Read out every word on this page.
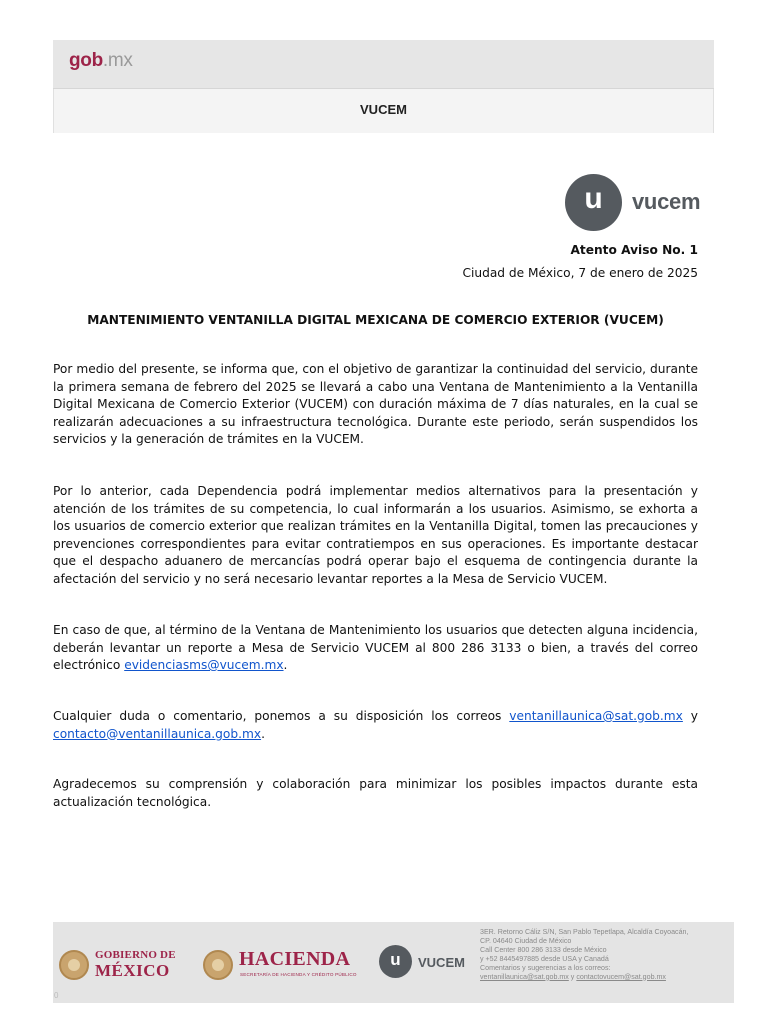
gob.mx
VUCEM
u	vucem
Atento Aviso No. 1
Ciudad de México, 7 de enero de 2025
MANTENIMIENTO VENTANILLA DIGITAL MEXICANA DE COMERCIO EXTERIOR (VUCEM)

Por medio del presente, se informa que, con el objetivo de garantizar la continuidad del servicio, durante la primera semana de febrero del 2025 se llevará a cabo una Ventana de Mantenimiento a la Ventanilla Digital Mexicana de Comercio Exterior (VUCEM) con duración máxima de 7 días naturales, en la cual se realizarán adecuaciones a su infraestructura tecnológica. Durante este periodo, serán suspendidos los servicios y la generación de trámites en la VUCEM.

Por lo anterior, cada Dependencia podrá implementar medios alternativos para la presentación y atención de los trámites de su competencia, lo cual informarán a los usuarios. Asimismo, se exhorta a los usuarios de comercio exterior que realizan trámites en la Ventanilla Digital, tomen las precauciones y prevenciones correspondientes para evitar contratiempos en sus operaciones. Es importante destacar que el despacho aduanero de mercancías podrá operar bajo el esquema de contingencia durante la afectación del servicio y no será necesario levantar reportes a la Mesa de Servicio VUCEM.

En caso de que, al término de la Ventana de Mantenimiento los usuarios que detecten alguna incidencia, deberán levantar un reporte a Mesa de Servicio VUCEM al 800 286 3133 o bien, a través del correo electrónico evidenciasms@vucem.mx.

Cualquier duda o comentario, ponemos a su disposición los correos ventanillaunica@sat.gob.mx y contacto@ventanillaunica.gob.mx.

Agradecemos su comprensión y colaboración para minimizar los posibles impactos durante esta actualización tecnológica.

GOBIERNO DE
MÉXICO
HACIENDA
SECRETARÍA DE HACIENDA Y CRÉDITO PÚBLICO
u	VUCEM
3ER. Retorno Cáliz S/N, San Pablo Tepetlapa, Alcaldía Coyoacán,
CP. 04640 Ciudad de México
Call Center 800 286 3133 desde México
y +52 8445497885 desde USA y Canadá
Comentarios y sugerencias a los correos:
ventanillaunica@sat.gob.mx y contactovucem@sat.gob.mx
0
